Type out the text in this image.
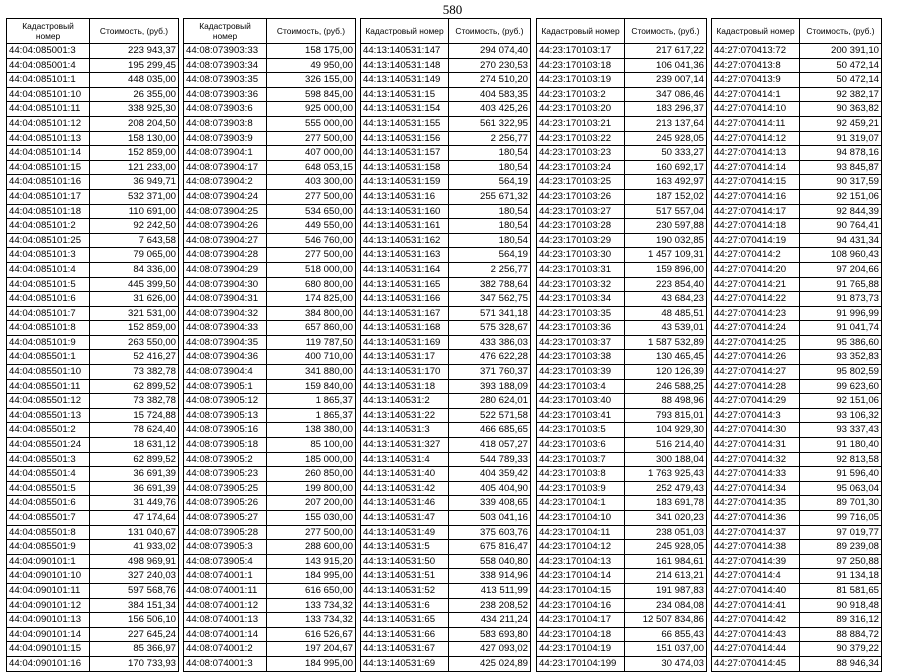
580
Кадастровый номер	Стоимость, (руб.)
44:04:085001:3	223 943,37
44:04:085001:4	195 299,45
44:04:085101:1	448 035,00
44:04:085101:10	26 355,00
44:04:085101:11	338 925,30
44:04:085101:12	208 204,50
44:04:085101:13	158 130,00
44:04:085101:14	152 859,00
44:04:085101:15	121 233,00
44:04:085101:16	36 949,71
44:04:085101:17	532 371,00
44:04:085101:18	110 691,00
44:04:085101:2	92 242,50
44:04:085101:25	7 643,58
44:04:085101:3	79 065,00
44:04:085101:4	84 336,00
44:04:085101:5	445 399,50
44:04:085101:6	31 626,00
44:04:085101:7	321 531,00
44:04:085101:8	152 859,00
44:04:085101:9	263 550,00
44:04:085501:1	52 416,27
44:04:085501:10	73 382,78
44:04:085501:11	62 899,52
44:04:085501:12	73 382,78
44:04:085501:13	15 724,88
44:04:085501:2	78 624,40
44:04:085501:24	18 631,12
44:04:085501:3	62 899,52
44:04:085501:4	36 691,39
44:04:085501:5	36 691,39
44:04:085501:6	31 449,76
44:04:085501:7	47 174,64
44:04:085501:8	131 040,67
44:04:085501:9	41 933,02
44:04:090101:1	498 969,91
44:04:090101:10	327 240,03
44:04:090101:11	597 568,76
44:04:090101:12	384 151,34
44:04:090101:13	156 506,10
44:04:090101:14	227 645,24
44:04:090101:15	85 366,97
44:04:090101:16	170 733,93
Кадастровый номер	Стоимость, (руб.)
44:08:073903:33	158 175,00
44:08:073903:34	49 950,00
44:08:073903:35	326 155,00
44:08:073903:36	598 845,00
44:08:073903:6	925 000,00
44:08:073903:8	555 000,00
44:08:073903:9	277 500,00
44:08:073904:1	407 000,00
44:08:073904:17	648 053,15
44:08:073904:2	403 300,00
44:08:073904:24	277 500,00
44:08:073904:25	534 650,00
44:08:073904:26	449 550,00
44:08:073904:27	546 760,00
44:08:073904:28	277 500,00
44:08:073904:29	518 000,00
44:08:073904:30	680 800,00
44:08:073904:31	174 825,00
44:08:073904:32	384 800,00
44:08:073904:33	657 860,00
44:08:073904:35	119 787,50
44:08:073904:36	400 710,00
44:08:073904:4	341 880,00
44:08:073905:1	159 840,00
44:08:073905:12	1 865,37
44:08:073905:13	1 865,37
44:08:073905:16	138 380,00
44:08:073905:18	85 100,00
44:08:073905:2	185 000,00
44:08:073905:23	260 850,00
44:08:073905:25	199 800,00
44:08:073905:26	207 200,00
44:08:073905:27	155 030,00
44:08:073905:28	277 500,00
44:08:073905:3	288 600,00
44:08:073905:4	143 915,20
44:08:074001:1	184 995,00
44:08:074001:11	616 650,00
44:08:074001:12	133 734,32
44:08:074001:13	133 734,32
44:08:074001:14	616 526,67
44:08:074001:2	197 204,67
44:08:074001:3	184 995,00
Кадастровый номер	Стоимость, (руб.)
44:13:140531:147	294 074,40
44:13:140531:148	270 230,53
44:13:140531:149	274 510,20
44:13:140531:15	404 583,35
44:13:140531:154	403 425,26
44:13:140531:155	561 322,95
44:13:140531:156	2 256,77
44:13:140531:157	180,54
44:13:140531:158	180,54
44:13:140531:159	564,19
44:13:140531:16	255 671,32
44:13:140531:160	180,54
44:13:140531:161	180,54
44:13:140531:162	180,54
44:13:140531:163	564,19
44:13:140531:164	2 256,77
44:13:140531:165	382 788,64
44:13:140531:166	347 562,75
44:13:140531:167	571 341,18
44:13:140531:168	575 328,67
44:13:140531:169	433 386,03
44:13:140531:17	476 622,28
44:13:140531:170	371 760,37
44:13:140531:18	393 188,09
44:13:140531:2	280 624,01
44:13:140531:22	522 571,58
44:13:140531:3	466 685,65
44:13:140531:327	418 057,27
44:13:140531:4	544 789,33
44:13:140531:40	404 359,42
44:13:140531:42	405 404,90
44:13:140531:46	339 408,65
44:13:140531:47	503 041,16
44:13:140531:49	375 603,76
44:13:140531:5	675 816,47
44:13:140531:50	558 040,80
44:13:140531:51	338 914,96
44:13:140531:52	413 511,99
44:13:140531:6	238 208,52
44:13:140531:65	434 211,24
44:13:140531:66	583 693,80
44:13:140531:67	427 093,02
44:13:140531:69	425 024,89
Кадастровый номер	Стоимость, (руб.)
44:23:170103:17	217 617,22
44:23:170103:18	106 041,36
44:23:170103:19	239 007,14
44:23:170103:2	347 086,46
44:23:170103:20	183 296,37
44:23:170103:21	213 137,64
44:23:170103:22	245 928,05
44:23:170103:23	50 333,27
44:23:170103:24	160 692,17
44:23:170103:25	163 492,97
44:23:170103:26	187 152,02
44:23:170103:27	517 557,04
44:23:170103:28	230 597,88
44:23:170103:29	190 032,85
44:23:170103:30	1 457 109,31
44:23:170103:31	159 896,00
44:23:170103:32	223 854,40
44:23:170103:34	43 684,23
44:23:170103:35	48 485,51
44:23:170103:36	43 539,01
44:23:170103:37	1 587 532,89
44:23:170103:38	130 465,45
44:23:170103:39	120 126,39
44:23:170103:4	246 588,25
44:23:170103:40	88 498,96
44:23:170103:41	793 815,01
44:23:170103:5	104 929,30
44:23:170103:6	516 214,40
44:23:170103:7	300 188,04
44:23:170103:8	1 763 925,43
44:23:170103:9	252 479,43
44:23:170104:1	183 691,78
44:23:170104:10	341 020,23
44:23:170104:11	238 051,03
44:23:170104:12	245 928,05
44:23:170104:13	161 984,61
44:23:170104:14	214 613,21
44:23:170104:15	191 987,83
44:23:170104:16	234 084,08
44:23:170104:17	12 507 834,86
44:23:170104:18	66 855,43
44:23:170104:19	151 037,00
44:23:170104:199	30 474,03
Кадастровый номер	Стоимость, (руб.)
44:27:070413:72	200 391,10
44:27:070413:8	50 472,14
44:27:070413:9	50 472,14
44:27:070414:1	92 382,17
44:27:070414:10	90 363,82
44:27:070414:11	92 459,21
44:27:070414:12	91 319,07
44:27:070414:13	94 878,16
44:27:070414:14	93 845,87
44:27:070414:15	90 317,59
44:27:070414:16	92 151,06
44:27:070414:17	92 844,39
44:27:070414:18	90 764,41
44:27:070414:19	94 431,34
44:27:070414:2	108 960,43
44:27:070414:20	97 204,66
44:27:070414:21	91 765,88
44:27:070414:22	91 873,73
44:27:070414:23	91 996,99
44:27:070414:24	91 041,74
44:27:070414:25	95 386,60
44:27:070414:26	93 352,83
44:27:070414:27	95 802,59
44:27:070414:28	99 623,60
44:27:070414:29	92 151,06
44:27:070414:3	93 106,32
44:27:070414:30	93 337,43
44:27:070414:31	91 180,40
44:27:070414:32	92 813,58
44:27:070414:33	91 596,40
44:27:070414:34	95 063,04
44:27:070414:35	89 701,30
44:27:070414:36	99 716,05
44:27:070414:37	97 019,77
44:27:070414:38	89 239,08
44:27:070414:39	97 250,88
44:27:070414:4	91 134,18
44:27:070414:40	81 581,65
44:27:070414:41	90 918,48
44:27:070414:42	89 316,12
44:27:070414:43	88 884,72
44:27:070414:44	90 379,22
44:27:070414:45	88 946,34
